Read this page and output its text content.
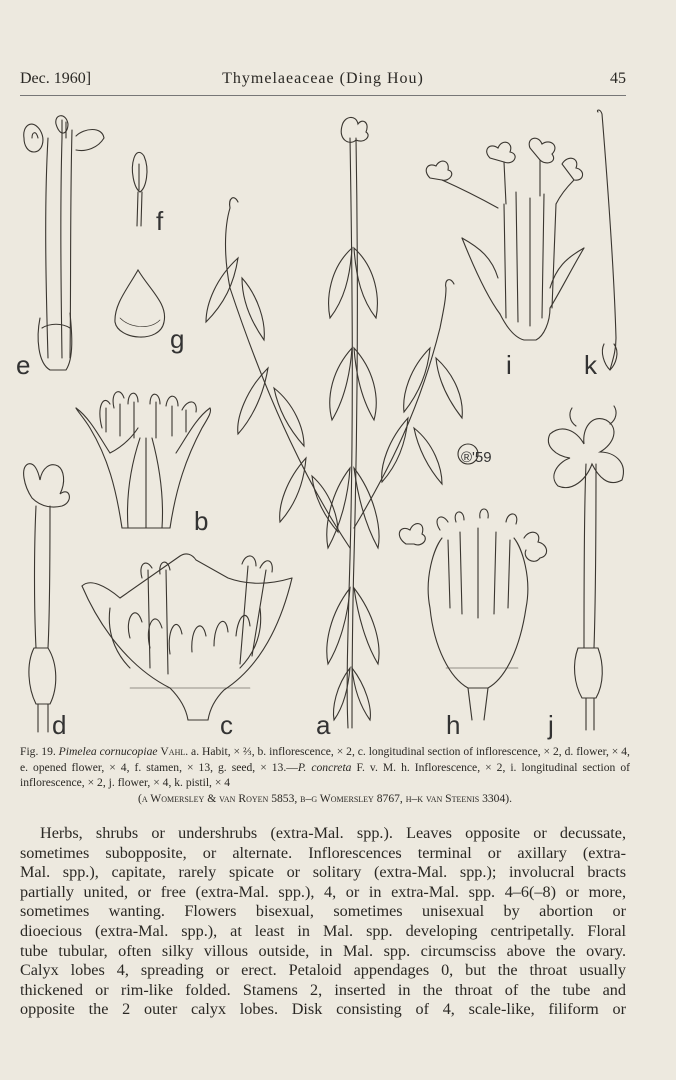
Dec. 1960]	Thymelaeaceae (Ding Hou)	45
e
f
g
b
d	c	a	h
i	k
j
®'59
Fig. 19. Pimelea cornucopiae Vahl. a. Habit, × ⅔, b. inflorescence, × 2, c. longitudinal section of inflorescence, × 2, d. flower, × 4, e. opened flower, × 4, f. stamen, × 13, g. seed, × 13.—P. concreta F. v. M. h. Inflorescence, × 2, i. longitudinal section of inflorescence, × 2, j. flower, × 4, k. pistil, × 4
(a Womersley & van Royen 5853, b–g Womersley 8767, h–k van Steenis 3304).
Herbs, shrubs or undershrubs (extra-Mal. spp.). Leaves opposite or decussate,
sometimes subopposite, or alternate. Inflorescences terminal or axillary (extra-
Mal. spp.), capitate, rarely spicate or solitary (extra-Mal. spp.); involucral bracts
partially united, or free (extra-Mal. spp.), 4, or in extra-Mal. spp. 4–6(–8) or more,
sometimes wanting. Flowers bisexual, sometimes unisexual by abortion or
dioecious (extra-Mal. spp.), at least in Mal. spp. developing centripetally. Floral
tube tubular, often silky villous outside, in Mal. spp. circumsciss above the ovary.
Calyx lobes 4, spreading or erect. Petaloid appendages 0, but the throat usually
thickened or rim-like folded. Stamens 2, inserted in the throat of the tube and
opposite the 2 outer calyx lobes. Disk consisting of 4, scale-like, filiform or
